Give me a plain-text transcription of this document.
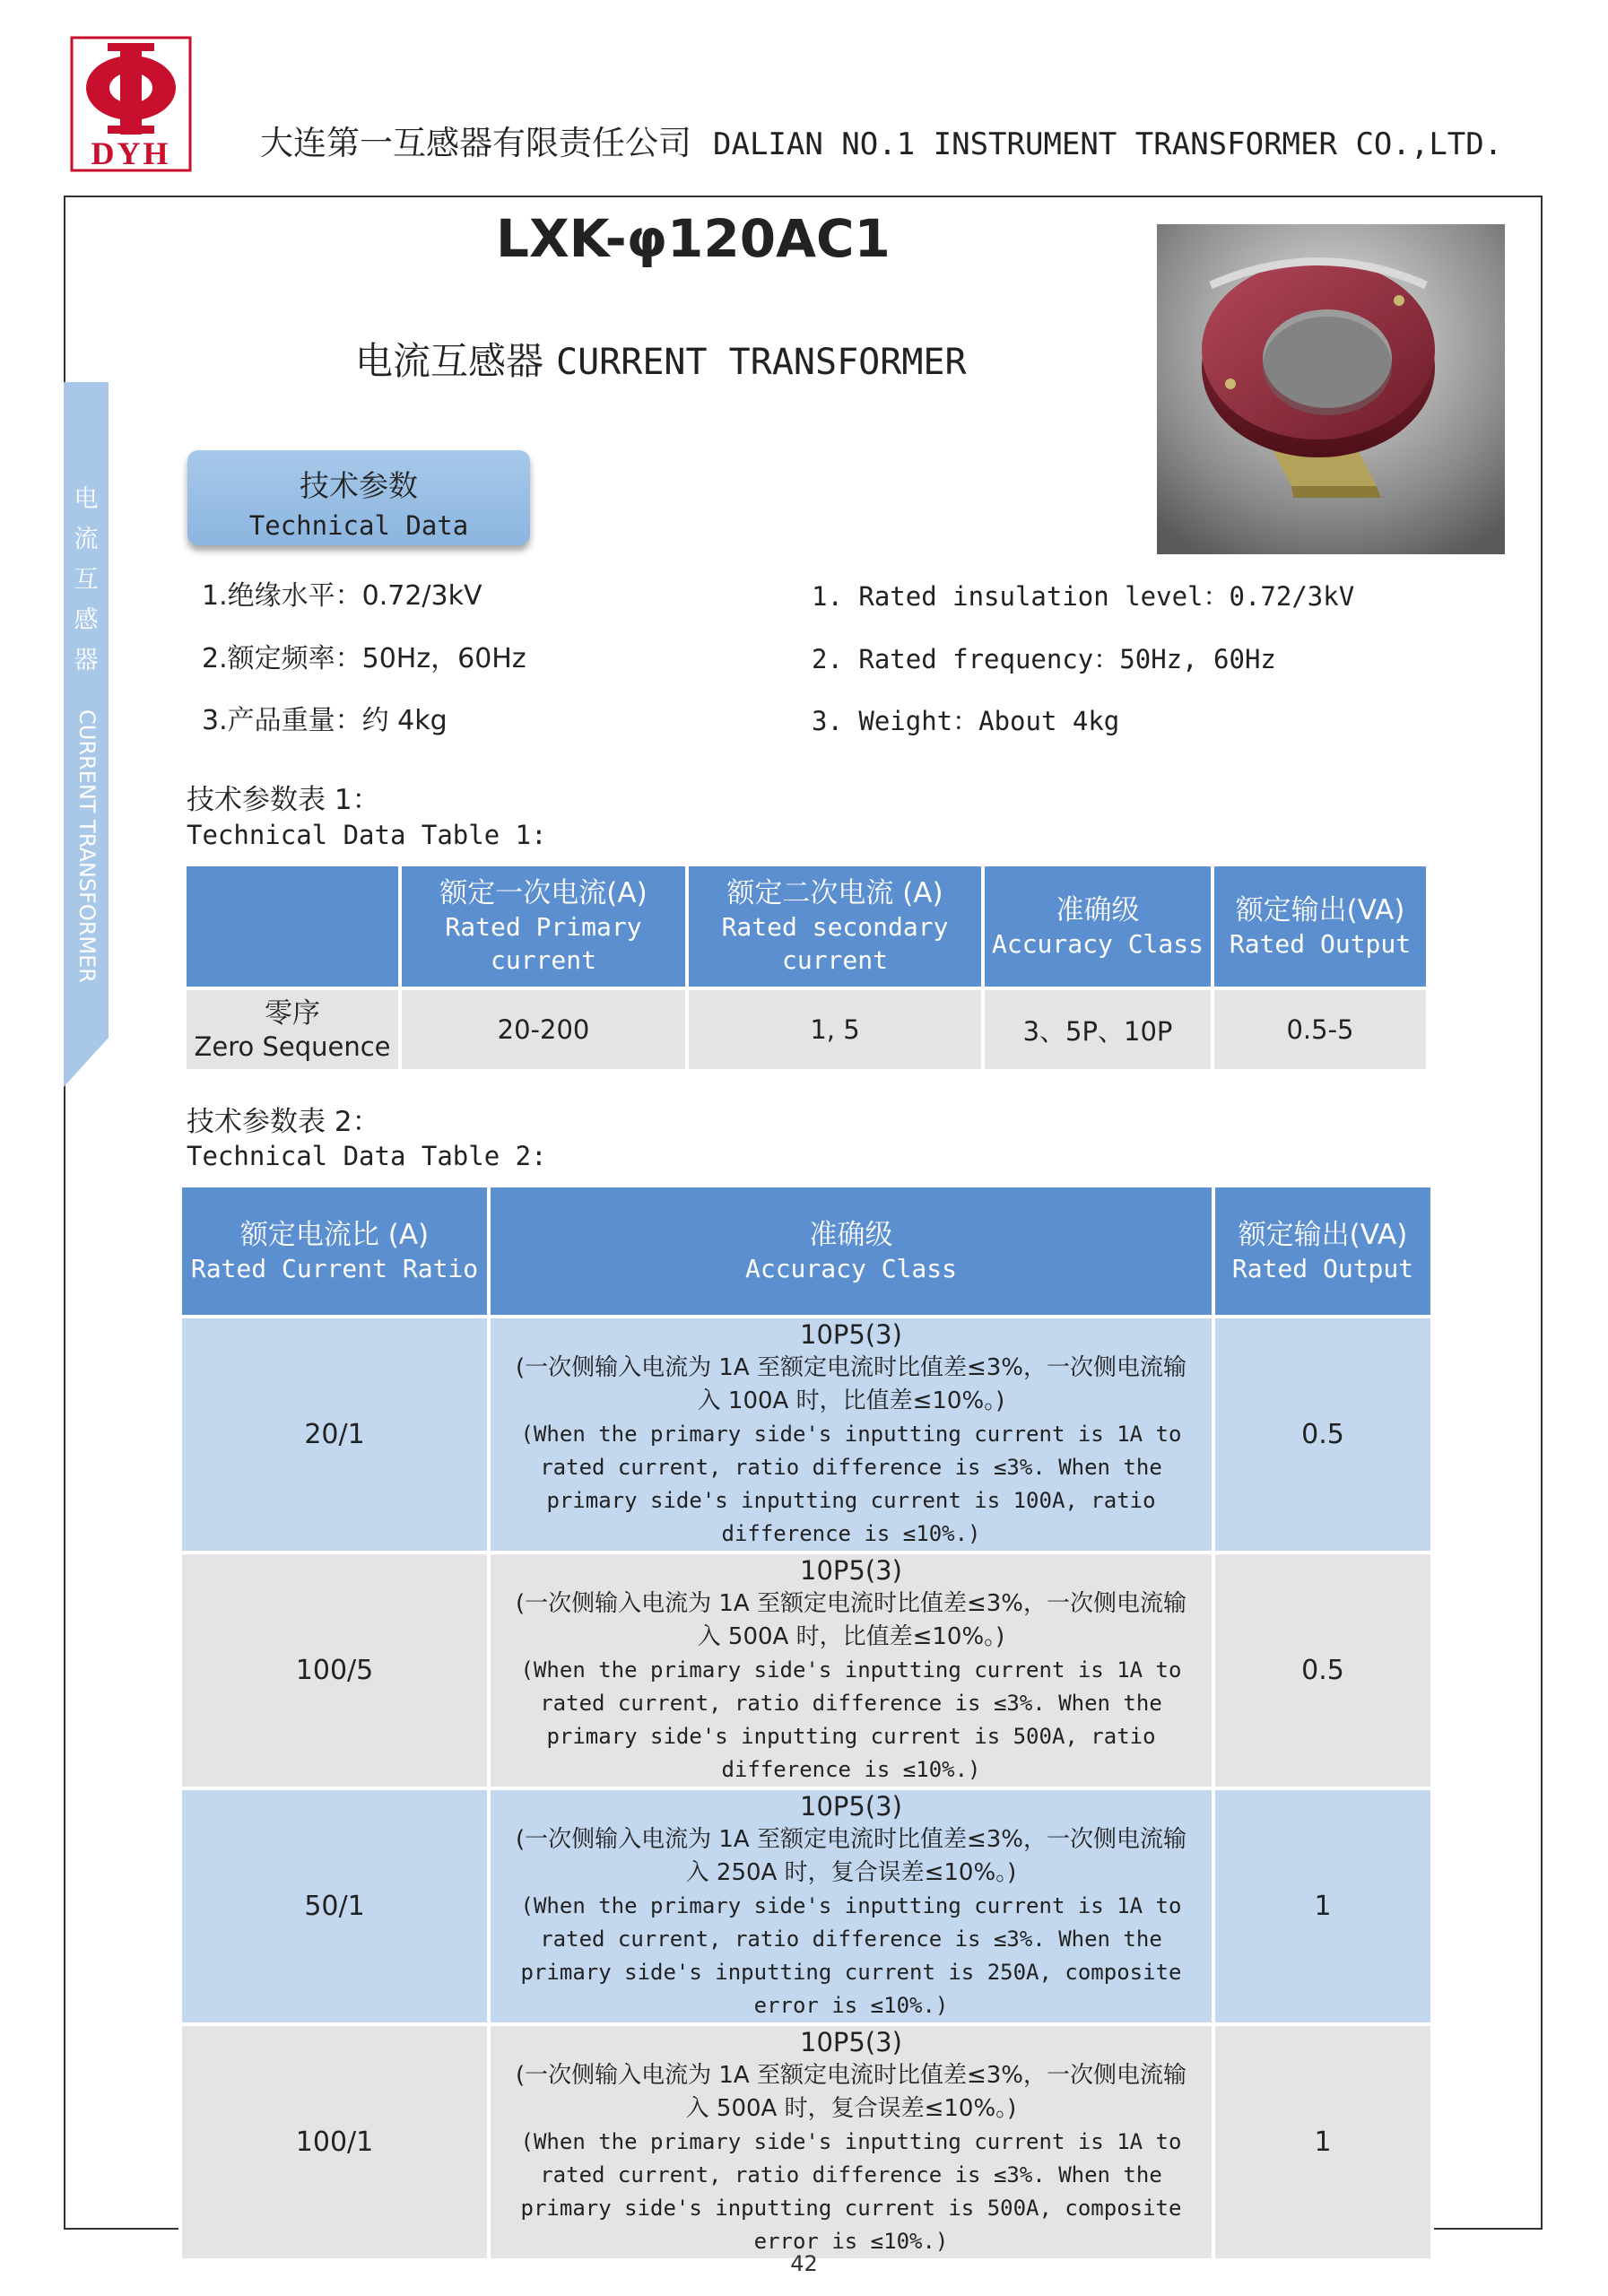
DYH	大连第一互感器有限责任公司 DALIAN NO.1 INSTRUMENT TRANSFORMER CO.,LTD.
电
流
互
感
器
CURRENT TRANSFORMER
LXK-φ120AC1
电流互感器 CURRENT TRANSFORMER
技术参数
Technical Data
1.绝缘水平：0.72/3kV
2.额定频率：50Hz，60Hz
3.产品重量：约 4kg
1. Rated insulation level：0.72/3kV
2. Rated frequency：50Hz, 60Hz
3. Weight：About 4kg
技术参数表 1：
Technical Data Table 1:

	额定一次电流(A)
Rated Primary current	额定二次电流 (A)
Rated secondary current	准确级
Accuracy Class	额定输出(VA)
Rated Output

零序
Zero Sequence	20-200	1, 5	3、5P、10P	0.5-5
技术参数表 2：
Technical Data Table 2:
额定电流比 (A)
Rated Current Ratio	准确级
Accuracy Class	额定输出(VA)
Rated Output

20/1	10P5(3)
(一次侧输入电流为 1A 至额定电流时比值差≤3%，一次侧电流输入 100A 时，比值差≤10%。)
(When the primary side's inputting current is 1A to rated current, ratio difference is ≤3%. When the primary side's inputting current is 100A, ratio difference is ≤10%.)	0.5
100/5	10P5(3)
(一次侧输入电流为 1A 至额定电流时比值差≤3%，一次侧电流输入 500A 时，比值差≤10%。)
(When the primary side's inputting current is 1A to rated current, ratio difference is ≤3%. When the primary side's inputting current is 500A, ratio difference is ≤10%.)	0.5
50/1	10P5(3)
(一次侧输入电流为 1A 至额定电流时比值差≤3%，一次侧电流输入 250A 时，复合误差≤10%。)
(When the primary side's inputting current is 1A to rated current, ratio difference is ≤3%. When the primary side's inputting current is 250A, composite error is ≤10%.)	1
100/1	10P5(3)
(一次侧输入电流为 1A 至额定电流时比值差≤3%，一次侧电流输入 500A 时，复合误差≤10%。)
(When the primary side's inputting current is 1A to rated current, ratio difference is ≤3%. When the primary side's inputting current is 500A, composite error is ≤10%.)	1
42
